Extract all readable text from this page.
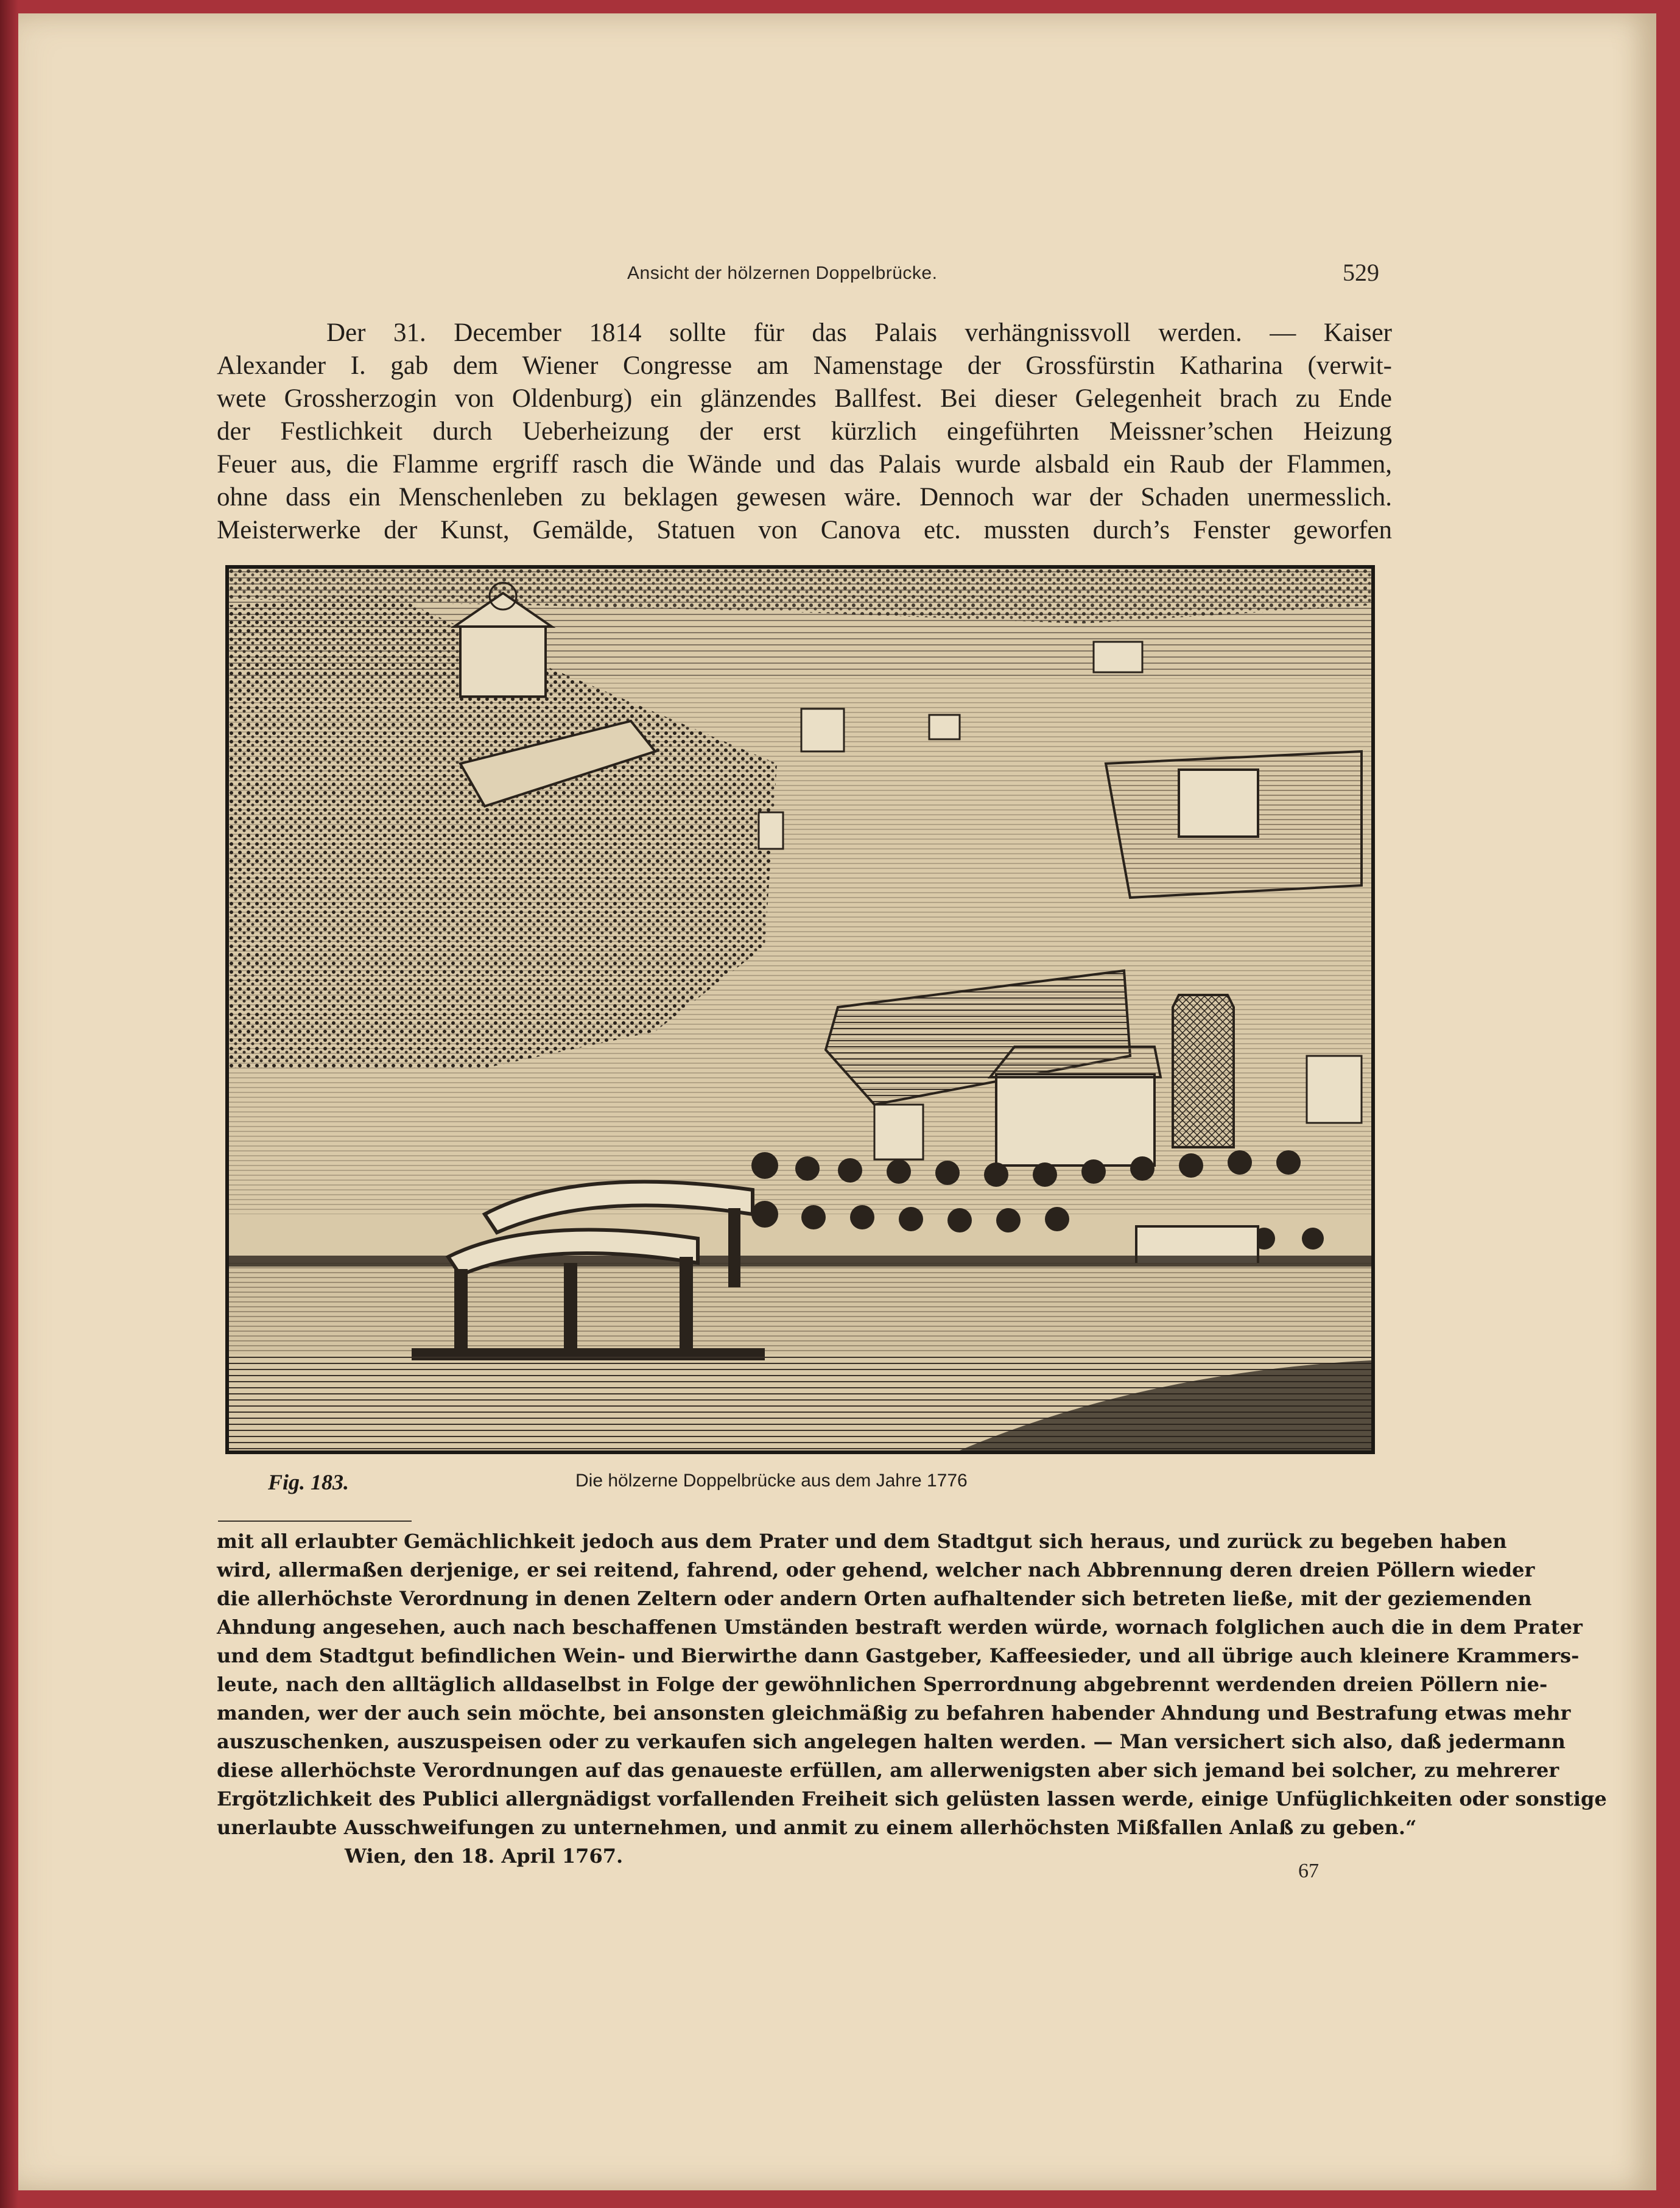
Ansicht der hölzernen Doppelbrücke.	529
Der 31. December 1814 sollte für das Palais verhängnissvoll werden. — Kaiser
Alexander I. gab dem Wiener Congresse am Namenstage der Grossfürstin Katharina (verwit-
wete Grossherzogin von Oldenburg) ein glänzendes Ballfest. Bei dieser Gelegenheit brach zu Ende
der Festlichkeit durch Ueberheizung der erst kürzlich eingeführten Meissner’schen Heizung
Feuer aus, die Flamme ergriff rasch die Wände und das Palais wurde alsbald ein Raub der Flammen,
ohne dass ein Menschenleben zu beklagen gewesen wäre. Dennoch war der Schaden unermesslich.
Meisterwerke der Kunst, Gemälde, Statuen von Canova etc. mussten durch’s Fenster geworfen
Fig. 183.	Die hölzerne Doppelbrücke aus dem Jahre 1776
mit all erlaubter Gemächlichkeit jedoch aus dem Prater und dem Stadtgut sich heraus, und zurück zu begeben haben
wird, allermaßen derjenige, er sei reitend, fahrend, oder gehend, welcher nach Abbrennung deren dreien Pöllern wieder
die allerhöchste Verordnung in denen Zeltern oder andern Orten aufhaltender sich betreten ließe, mit der geziemenden
Ahndung angesehen, auch nach beschaffenen Umständen bestraft werden würde, wornach folglichen auch die in dem Prater
und dem Stadtgut befindlichen Wein- und Bierwirthe dann Gastgeber, Kaffeesieder, und all übrige auch kleinere Krammers-
leute, nach den alltäglich alldaselbst in Folge der gewöhnlichen Sperrordnung abgebrennt werdenden dreien Pöllern nie-
manden, wer der auch sein möchte, bei ansonsten gleichmäßig zu befahren habender Ahndung und Bestrafung etwas mehr
auszuschenken, auszuspeisen oder zu verkaufen sich angelegen halten werden. — Man versichert sich also, daß jedermann
diese allerhöchste Verordnungen auf das genaueste erfüllen, am allerwenigsten aber sich jemand bei solcher, zu mehrerer
Ergötzlichkeit des Publici allergnädigst vorfallenden Freiheit sich gelüsten lassen werde, einige Unfüglichkeiten oder sonstige
unerlaubte Ausschweifungen zu unternehmen, und anmit zu einem allerhöchsten Mißfallen Anlaß zu geben.“
Wien, den 18. April 1767.
67
